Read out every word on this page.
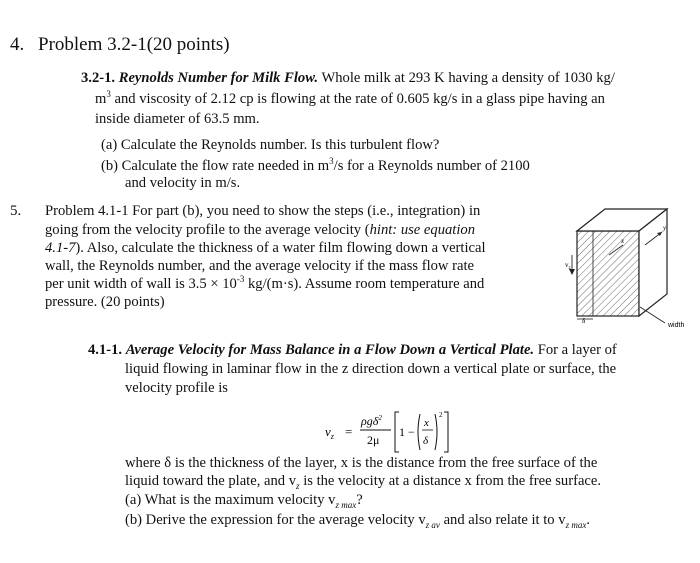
4. Problem 3.2-1(20 points)
3.2-1. Reynolds Number for Milk Flow. Whole milk at 293 K having a density of 1030 kg/
$m^3$ and viscosity of 2.12 cp is flowing at the rate of 0.605 kg/s in a glass pipe having an
inside diameter of 63.5 mm.
(a) Calculate the Reynolds number. Is this turbulent flow?
(b) Calculate the flow rate needed in $m^3/s$ for a Reynolds number of 2100
and velocity in m/s.
5. Problem 4.1-1 For part (b), you need to show the steps (i.e., integration) in
going from the velocity profile to the average velocity (hint: use equation
4.1-7). Also, calculate the thickness of a water film flowing down a vertical
wall, the Reynolds number, and the average velocity if the mass flow rate
per unit width of wall is $3.5 \times 10^{-3}$ kg/(m·s). Assume room temperature and
pressure. (20 points)
$v_z$
δ
width
x
y
4.1-1. Average Velocity for Mass Balance in a Flow Down a Vertical Plate. For a layer of
liquid flowing in laminar flow in the z direction down a vertical plate or surface, the
velocity profile is
$v_z$ =
ρgδ$^2$
2μ
1 −
x
δ
2
where δ is the thickness of the layer, x is the distance from the free surface of the
liquid toward the plate, and $v_z$ is the velocity at a distance x from the free surface.
(a) What is the maximum velocity $v_{z max}$?
(b) Derive the expression for the average velocity $v_{z av}$ and also relate it to $v_{z max}$.
